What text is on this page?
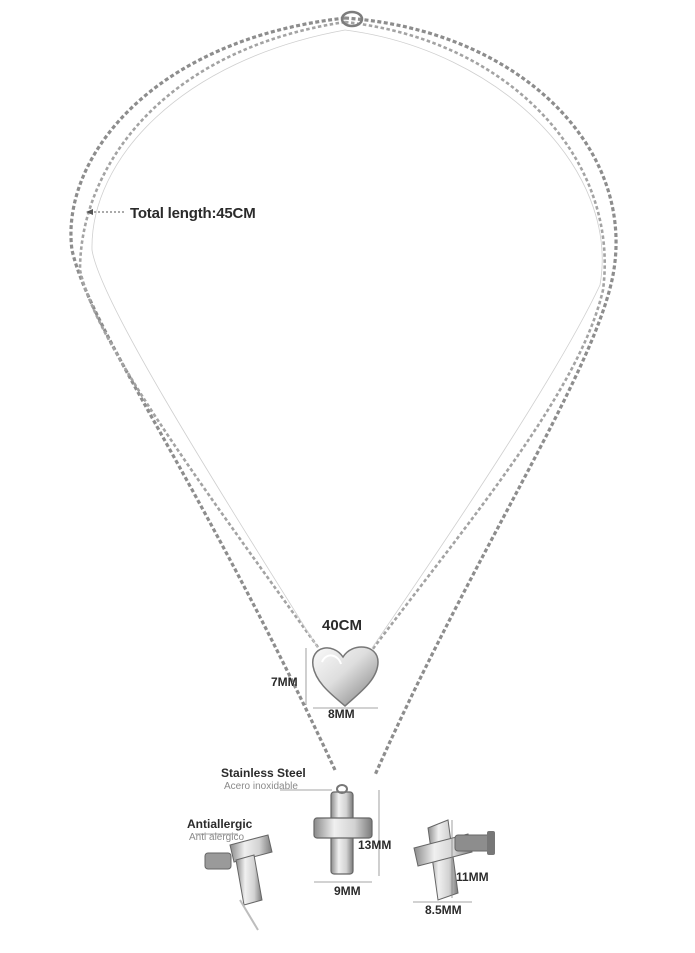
Total length:45CM
40CM
7MM
8MM
Stainless Steel
Acero inoxidable
Antiallergic
Anti alergico
13MM
9MM
11MM
8.5MM
